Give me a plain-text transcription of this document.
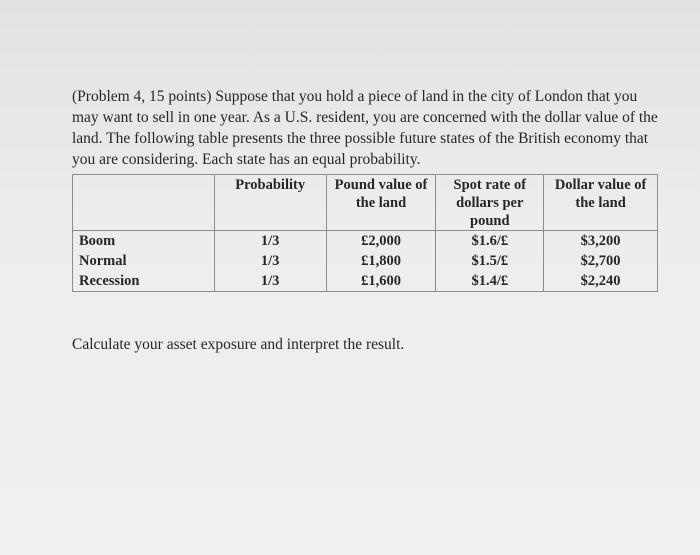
(Problem 4, 15 points) Suppose that you hold a piece of land in the city of London that you may want to sell in one year. As a U.S. resident, you are concerned with the dollar value of the land. The following table presents the three possible future states of the British economy that you are considering. Each state has an equal probability.

	Probability	Pound value of the land	Spot rate of dollars per pound	Dollar value of the land
Boom	1/3	£2,000	$1.6/£	$3,200
Normal	1/3	£1,800	$1.5/£	$2,700
Recession	1/3	£1,600	$1.4/£	$2,240
Calculate your asset exposure and interpret the result.
